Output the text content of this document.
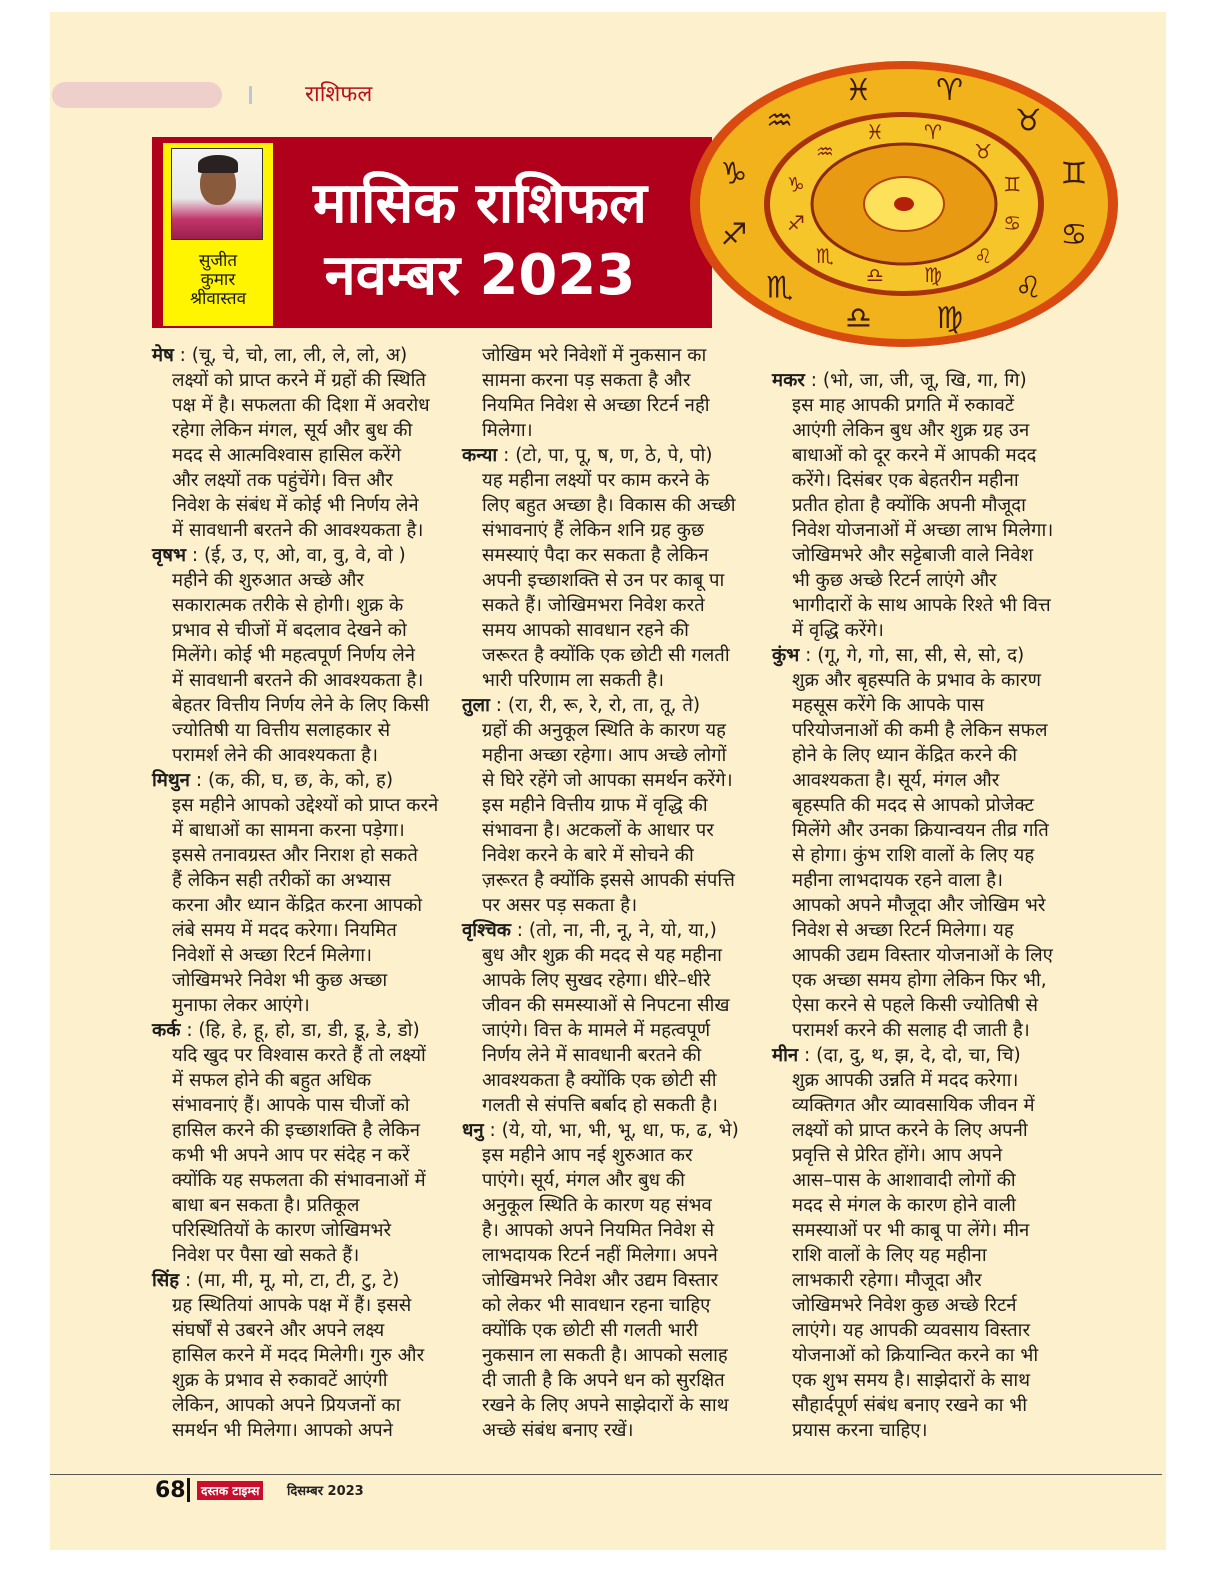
राशिफल
सुजीत
कुमार
श्रीवास्तव
मासिक राशिफल
नवम्बर 2023
♈
♈
♉
♉
♊ ♊
♋ ♋
♌
♌
♍
♍
♎
♎
♏
♏
♐
♐
♑
♑
♒
♒	♓
♓
मेष : (चू, चे, चो, ला, ली, ले, लो, अ)
लक्ष्यों को प्राप्त करने में ग्रहों की स्थिति
पक्ष में है। सफलता की दिशा में अवरोध
रहेगा लेकिन मंगल, सूर्य और बुध की
मदद से आत्मविश्वास हासिल करेंगे
और लक्ष्यों तक पहुंचेंगे। वित्त और
निवेश के संबंध में कोई भी निर्णय लेने
में सावधानी बरतने की आवश्यकता है।
वृषभ : (ई, उ, ए, ओ, वा, वु, वे, वो )
महीने की शुरुआत अच्छे और
सकारात्मक तरीके से होगी। शुक्र के
प्रभाव से चीजों में बदलाव देखने को
मिलेंगे। कोई भी महत्वपूर्ण निर्णय लेने
में सावधानी बरतने की आवश्यकता है।
बेहतर वित्तीय निर्णय लेने के लिए किसी
ज्योतिषी या वित्तीय सलाहकार से
परामर्श लेने की आवश्यकता है।
मिथुन : (क, की, घ, छ, के, को, ह)
इस महीने आपको उद्देश्यों को प्राप्त करने
में बाधाओं का सामना करना पड़ेगा।
इससे तनावग्रस्त और निराश हो सकते
हैं लेकिन सही तरीकों का अभ्यास
करना और ध्यान केंद्रित करना आपको
लंबे समय में मदद करेगा। नियमित
निवेशों से अच्छा रिटर्न मिलेगा।
जोखिमभरे निवेश भी कुछ अच्छा
मुनाफा लेकर आएंगे।
कर्क : (हि, हे, हू, हो, डा, डी, डू, डे, डो)
यदि खुद पर विश्वास करते हैं तो लक्ष्यों
में सफल होने की बहुत अधिक
संभावनाएं हैं। आपके पास चीजों को
हासिल करने की इच्छाशक्ति है लेकिन
कभी भी अपने आप पर संदेह न करें
क्योंकि यह सफलता की संभावनाओं में
बाधा बन सकता है। प्रतिकूल
परिस्थितियों के कारण जोखिमभरे
निवेश पर पैसा खो सकते हैं।
सिंह : (मा, मी, मू, मो, टा, टी, टु, टे)
ग्रह स्थितियां आपके पक्ष में हैं। इससे
संघर्षों से उबरने और अपने लक्ष्य
हासिल करने में मदद मिलेगी। गुरु और
शुक्र के प्रभाव से रुकावटें आएंगी
लेकिन, आपको अपने प्रियजनों का
समर्थन भी मिलेगा। आपको अपने
जोखिम भरे निवेशों में नुकसान का
सामना करना पड़ सकता है और
नियमित निवेश से अच्छा रिटर्न नही
मिलेगा।
कन्या : (टो, पा, पू, ष, ण, ठे, पे, पो)
यह महीना लक्ष्यों पर काम करने के
लिए बहुत अच्छा है। विकास की अच्छी
संभावनाएं हैं लेकिन शनि ग्रह कुछ
समस्याएं पैदा कर सकता है लेकिन
अपनी इच्छाशक्ति से उन पर काबू पा
सकते हैं। जोखिमभरा निवेश करते
समय आपको सावधान रहने की
जरूरत है क्योंकि एक छोटी सी गलती
भारी परिणाम ला सकती है।
तुला : (रा, री, रू, रे, रो, ता, तू, ते)
ग्रहों की अनुकूल स्थिति के कारण यह
महीना अच्छा रहेगा। आप अच्छे लोगों
से घिरे रहेंगे जो आपका समर्थन करेंगे।
इस महीने वित्तीय ग्राफ में वृद्धि की
संभावना है। अटकलों के आधार पर
निवेश करने के बारे में सोचने की
ज़रूरत है क्योंकि इससे आपकी संपत्ति
पर असर पड़ सकता है।
वृश्चिक : (तो, ना, नी, नू, ने, यो, या,)
बुध और शुक्र की मदद से यह महीना
आपके लिए सुखद रहेगा। धीरे–धीरे
जीवन की समस्याओं से निपटना सीख
जाएंगे। वित्त के मामले में महत्वपूर्ण
निर्णय लेने में सावधानी बरतने की
आवश्यकता है क्योंकि एक छोटी सी
गलती से संपत्ति बर्बाद हो सकती है।
धनु : (ये, यो, भा, भी, भू, धा, फ, ढ, भे)
इस महीने आप नई शुरुआत कर
पाएंगे। सूर्य, मंगल और बुध की
अनुकूल स्थिति के कारण यह संभव
है। आपको अपने नियमित निवेश से
लाभदायक रिटर्न नहीं मिलेगा। अपने
जोखिमभरे निवेश और उद्यम विस्तार
को लेकर भी सावधान रहना चाहिए
क्योंकि एक छोटी सी गलती भारी
नुकसान ला सकती है। आपको सलाह
दी जाती है कि अपने धन को सुरक्षित
रखने के लिए अपने साझेदारों के साथ
अच्छे संबंध बनाए रखें।
मकर : (भो, जा, जी, जू, खि, गा, गि)
इस माह आपकी प्रगति में रुकावटें
आएंगी लेकिन बुध और शुक्र ग्रह उन
बाधाओं को दूर करने में आपकी मदद
करेंगे। दिसंबर एक बेहतरीन महीना
प्रतीत होता है क्योंकि अपनी मौजूदा
निवेश योजनाओं में अच्छा लाभ मिलेगा।
जोखिमभरे और सट्टेबाजी वाले निवेश
भी कुछ अच्छे रिटर्न लाएंगे और
भागीदारों के साथ आपके रिश्ते भी वित्त
में वृद्धि करेंगे।
कुंभ : (गू, गे, गो, सा, सी, से, सो, द)
शुक्र और बृहस्पति के प्रभाव के कारण
महसूस करेंगे कि आपके पास
परियोजनाओं की कमी है लेकिन सफल
होने के लिए ध्यान केंद्रित करने की
आवश्यकता है। सूर्य, मंगल और
बृहस्पति की मदद से आपको प्रोजेक्ट
मिलेंगे और उनका क्रियान्वयन तीव्र गति
से होगा। कुंभ राशि वालों के लिए यह
महीना लाभदायक रहने वाला है।
आपको अपने मौजूदा और जोखिम भरे
निवेश से अच्छा रिटर्न मिलेगा। यह
आपकी उद्यम विस्तार योजनाओं के लिए
एक अच्छा समय होगा लेकिन फिर भी,
ऐसा करने से पहले किसी ज्योतिषी से
परामर्श करने की सलाह दी जाती है।
मीन : (दा, दु, थ, झ, दे, दो, चा, चि)
शुक्र आपकी उन्नति में मदद करेगा।
व्यक्तिगत और व्यावसायिक जीवन में
लक्ष्यों को प्राप्त करने के लिए अपनी
प्रवृत्ति से प्रेरित होंगे। आप अपने
आस–पास के आशावादी लोगों की
मदद से मंगल के कारण होने वाली
समस्याओं पर भी काबू पा लेंगे। मीन
राशि वालों के लिए यह महीना
लाभकारी रहेगा। मौजूदा और
जोखिमभरे निवेश कुछ अच्छे रिटर्न
लाएंगे। यह आपकी व्यवसाय विस्तार
योजनाओं को क्रियान्वित करने का भी
एक शुभ समय है। साझेदारों के साथ
सौहार्दपूर्ण संबंध बनाए रखने का भी
प्रयास करना चाहिए।
68	दस्तक टाइम्स	दिसम्बर 2023
